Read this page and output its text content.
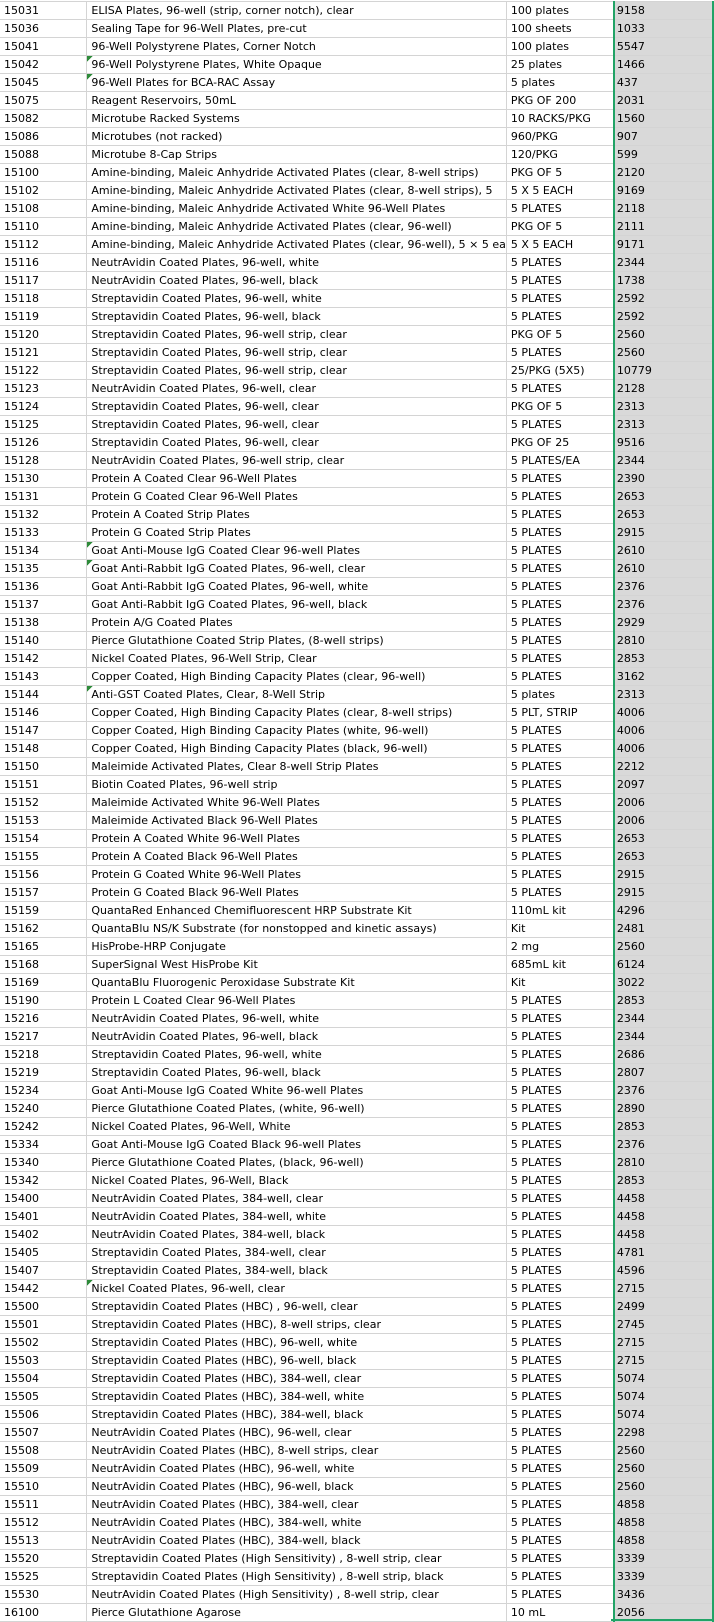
15031	ELISA Plates, 96-well (strip, corner notch), clear	100 plates	9158
15036	Sealing Tape for 96-Well Plates, pre-cut	100 sheets	1033
15041	96-Well Polystyrene Plates, Corner Notch	100 plates	5547
15042	96-Well Polystyrene Plates, White Opaque	25 plates	1466
15045	96-Well Plates for BCA-RAC Assay	5 plates	437
15075	Reagent Reservoirs, 50mL	PKG OF 200	2031
15082	Microtube Racked Systems	10 RACKS/PKG	1560
15086	Microtubes (not racked)	960/PKG	907
15088	Microtube 8-Cap Strips	120/PKG	599
15100	Amine-binding, Maleic Anhydride Activated Plates (clear, 8-well strips)	PKG OF 5	2120
15102	Amine-binding, Maleic Anhydride Activated Plates (clear, 8-well strips), 5	5 X 5 EACH	9169
15108	Amine-binding, Maleic Anhydride Activated White 96-Well Plates	5 PLATES	2118
15110	Amine-binding, Maleic Anhydride Activated Plates (clear, 96-well)	PKG OF 5	2111
15112	Amine-binding, Maleic Anhydride Activated Plates (clear, 96-well), 5 × 5 ea	5 X 5 EACH	9171
15116	NeutrAvidin Coated Plates, 96-well, white	5 PLATES	2344
15117	NeutrAvidin Coated Plates, 96-well, black	5 PLATES	1738
15118	Streptavidin Coated Plates, 96-well, white	5 PLATES	2592
15119	Streptavidin Coated Plates, 96-well, black	5 PLATES	2592
15120	Streptavidin Coated Plates, 96-well strip, clear	PKG OF 5	2560
15121	Streptavidin Coated Plates, 96-well strip, clear	5 PLATES	2560
15122	Streptavidin Coated Plates, 96-well strip, clear	25/PKG (5X5)	10779
15123	NeutrAvidin Coated Plates, 96-well, clear	5 PLATES	2128
15124	Streptavidin Coated Plates, 96-well, clear	PKG OF 5	2313
15125	Streptavidin Coated Plates, 96-well, clear	5 PLATES	2313
15126	Streptavidin Coated Plates, 96-well, clear	PKG OF 25	9516
15128	NeutrAvidin Coated Plates, 96-well strip, clear	5 PLATES/EA	2344
15130	Protein A Coated Clear 96-Well Plates	5 PLATES	2390
15131	Protein G Coated Clear 96-Well Plates	5 PLATES	2653
15132	Protein A Coated Strip Plates	5 PLATES	2653
15133	Protein G Coated Strip Plates	5 PLATES	2915
15134	Goat Anti-Mouse IgG Coated Clear 96-well Plates	5 PLATES	2610
15135	Goat Anti-Rabbit IgG Coated Plates, 96-well, clear	5 PLATES	2610
15136	Goat Anti-Rabbit IgG Coated Plates, 96-well, white	5 PLATES	2376
15137	Goat Anti-Rabbit IgG Coated Plates, 96-well, black	5 PLATES	2376
15138	Protein A/G Coated Plates	5 PLATES	2929
15140	Pierce Glutathione Coated Strip Plates, (8-well strips)	5 PLATES	2810
15142	Nickel Coated Plates, 96-Well Strip, Clear	5 PLATES	2853
15143	Copper Coated, High Binding Capacity Plates (clear, 96-well)	5 PLATES	3162
15144	Anti-GST Coated Plates, Clear, 8-Well Strip	5 plates	2313
15146	Copper Coated, High Binding Capacity Plates (clear, 8-well strips)	5 PLT, STRIP	4006
15147	Copper Coated, High Binding Capacity Plates (white, 96-well)	5 PLATES	4006
15148	Copper Coated, High Binding Capacity Plates (black, 96-well)	5 PLATES	4006
15150	Maleimide Activated Plates, Clear 8-well Strip Plates	5 PLATES	2212
15151	Biotin Coated Plates, 96-well strip	5 PLATES	2097
15152	Maleimide Activated White 96-Well Plates	5 PLATES	2006
15153	Maleimide Activated Black 96-Well Plates	5 PLATES	2006
15154	Protein A Coated White 96-Well Plates	5 PLATES	2653
15155	Protein A Coated Black 96-Well Plates	5 PLATES	2653
15156	Protein G Coated White 96-Well Plates	5 PLATES	2915
15157	Protein G Coated Black 96-Well Plates	5 PLATES	2915
15159	QuantaRed Enhanced Chemifluorescent HRP Substrate Kit	110mL kit	4296
15162	QuantaBlu NS/K Substrate (for nonstopped and kinetic assays)	Kit	2481
15165	HisProbe-HRP Conjugate	2 mg	2560
15168	SuperSignal West HisProbe Kit	685mL kit	6124
15169	QuantaBlu Fluorogenic Peroxidase Substrate Kit	Kit	3022
15190	Protein L Coated Clear 96-Well Plates	5 PLATES	2853
15216	NeutrAvidin Coated Plates, 96-well, white	5 PLATES	2344
15217	NeutrAvidin Coated Plates, 96-well, black	5 PLATES	2344
15218	Streptavidin Coated Plates, 96-well, white	5 PLATES	2686
15219	Streptavidin Coated Plates, 96-well, black	5 PLATES	2807
15234	Goat Anti-Mouse IgG Coated White 96-well Plates	5 PLATES	2376
15240	Pierce Glutathione Coated Plates, (white, 96-well)	5 PLATES	2890
15242	Nickel Coated Plates, 96-Well, White	5 PLATES	2853
15334	Goat Anti-Mouse IgG Coated Black 96-well Plates	5 PLATES	2376
15340	Pierce Glutathione Coated Plates, (black, 96-well)	5 PLATES	2810
15342	Nickel Coated Plates, 96-Well, Black	5 PLATES	2853
15400	NeutrAvidin Coated Plates, 384-well, clear	5 PLATES	4458
15401	NeutrAvidin Coated Plates, 384-well, white	5 PLATES	4458
15402	NeutrAvidin Coated Plates, 384-well, black	5 PLATES	4458
15405	Streptavidin Coated Plates, 384-well, clear	5 PLATES	4781
15407	Streptavidin Coated Plates, 384-well, black	5 PLATES	4596
15442	Nickel Coated Plates, 96-well, clear	5 PLATES	2715
15500	Streptavidin Coated Plates (HBC) , 96-well, clear	5 PLATES	2499
15501	Streptavidin Coated Plates (HBC), 8-well strips, clear	5 PLATES	2745
15502	Streptavidin Coated Plates (HBC), 96-well, white	5 PLATES	2715
15503	Streptavidin Coated Plates (HBC), 96-well, black	5 PLATES	2715
15504	Streptavidin Coated Plates (HBC), 384-well, clear	5 PLATES	5074
15505	Streptavidin Coated Plates (HBC), 384-well, white	5 PLATES	5074
15506	Streptavidin Coated Plates (HBC), 384-well, black	5 PLATES	5074
15507	NeutrAvidin Coated Plates (HBC), 96-well, clear	5 PLATES	2298
15508	NeutrAvidin Coated Plates (HBC), 8-well strips, clear	5 PLATES	2560
15509	NeutrAvidin Coated Plates (HBC), 96-well, white	5 PLATES	2560
15510	NeutrAvidin Coated Plates (HBC), 96-well, black	5 PLATES	2560
15511	NeutrAvidin Coated Plates (HBC), 384-well, clear	5 PLATES	4858
15512	NeutrAvidin Coated Plates (HBC), 384-well, white	5 PLATES	4858
15513	NeutrAvidin Coated Plates (HBC), 384-well, black	5 PLATES	4858
15520	Streptavidin Coated Plates (High Sensitivity) , 8-well strip, clear	5 PLATES	3339
15525	Streptavidin Coated Plates (High Sensitivity) , 8-well strip, black	5 PLATES	3339
15530	NeutrAvidin Coated Plates (High Sensitivity) , 8-well strip, clear	5 PLATES	3436
16100	Pierce Glutathione Agarose	10 mL	2056
